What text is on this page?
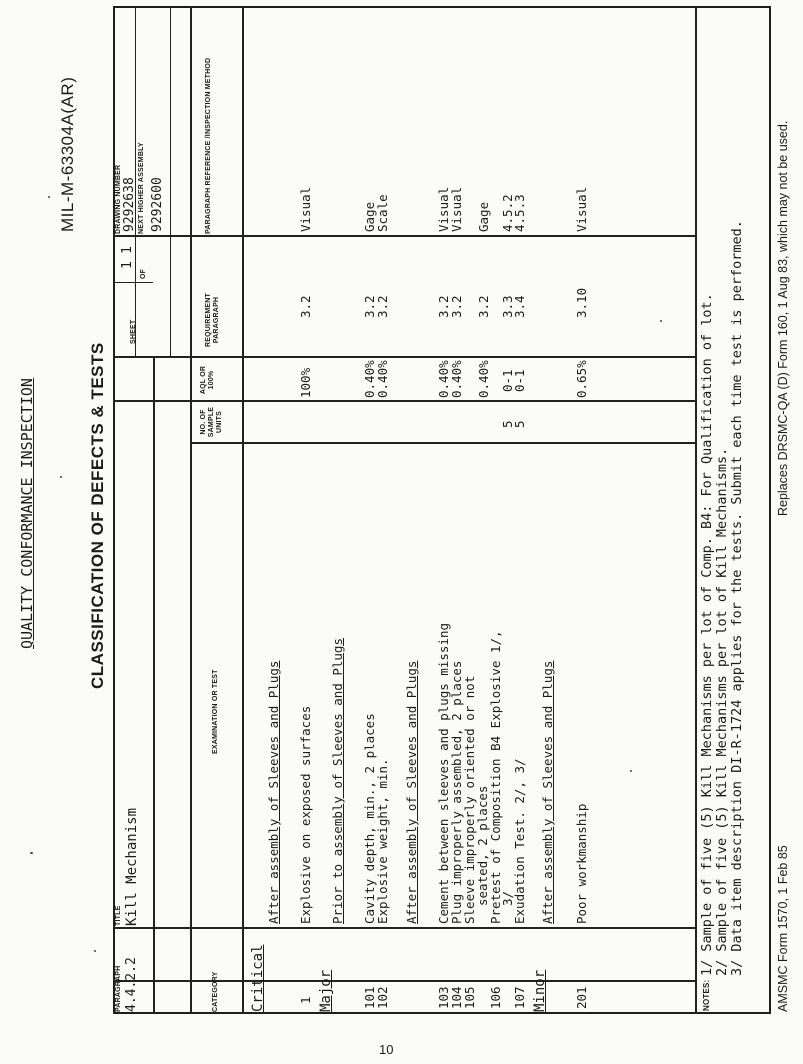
10
QUALITY CONFORMANCE INSPECTION
MIL-M-63304A(AR)
CLASSIFICATION OF DEFECTS & TESTS
PARAGRAPH 4.4.2.2
TITLE Kill Mechanism
SHEET
1
OF
1
DRAWING NUMBER 9292638 NEXT HIGHER ASSEMBLY 9292600
CATEGORY
EXAMINATION OR TEST
NO. OF SAMPLE UNITS
AQL OR 100%
REQUIREMENT PARAGRAPH
PARAGRAPH REFERENCE /INSPECTION METHOD
Critical
After assembly of Sleeves and Plugs
1
Explosive on exposed surfaces
100%
3.2
Visual
Major
Prior to assembly of Sleeves and Plugs
101
Cavity depth, min., 2 places
0.40%
3.2
Gage
102
Explosive weight, min.
0.40%
3.2
Scale
After assembly of Sleeves and Plugs
103
Cement between sleeves and plugs missing
0.40%
3.2
Visual
104
Plug improperly assembled, 2 places
0.40%
3.2
Visual
105
Sleeve improperly oriented or not
seated, 2 places
0.40%
3.2
Gage
106
Pretest of Composition B4 Explosive 1/,
3/
5
0-1
3.3
4.5.2
107
Exudation Test. 2/, 3/
5
0-1
3.4
4.5.3
Minor
After assembly of Sleeves and Plugs
201
Poor workmanship
0.65%
3.10
Visual
NOTES:
1/ Sample of five (5) Kill Mechanisms per lot of Comp. B4: For Qualification of lot. 2/ Sample of five (5) Kill Mechanisms per lot of Kill Mechanisms. 3/ Data item description DI-R-1724 applies for the tests. Submit each time test is performed. AMSMC Form 1570, 1 Feb 85
Replaces DRSMC-QA (D) Form 160, 1 Aug 83, which may not be used.
